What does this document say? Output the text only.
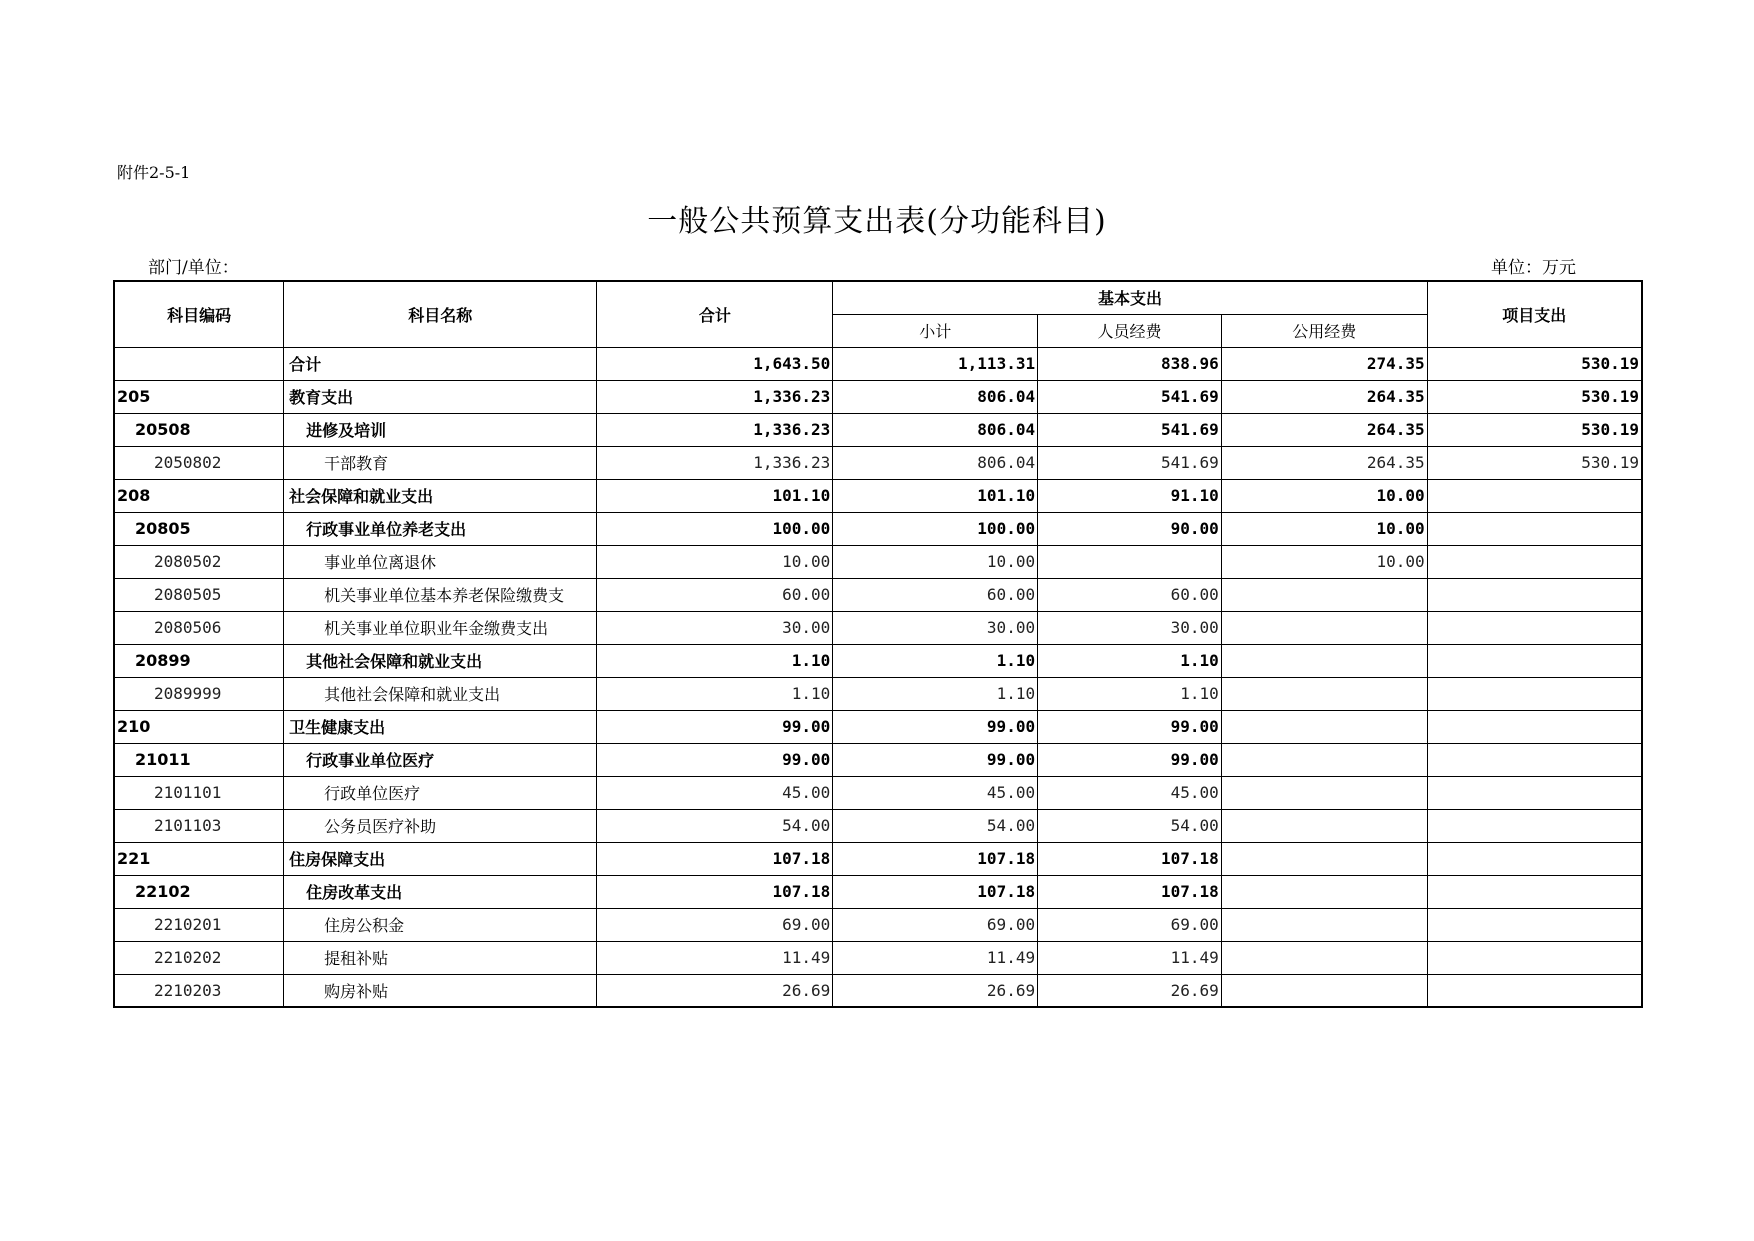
附件2-5-1
一般公共预算支出表(分功能科目)
部门/单位：	单位：万元
科目编码	科目名称	合计	基本支出			项目支出
			小计	人员经费	公用经费	
	合计	1,643.50	1,113.31	838.96	274.35	530.19
205	教育支出	1,336.23	806.04	541.69	264.35	530.19
20508	进修及培训	1,336.23	806.04	541.69	264.35	530.19
2050802	干部教育	1,336.23	806.04	541.69	264.35	530.19
208	社会保障和就业支出	101.10	101.10	91.10	10.00	
20805	行政事业单位养老支出	100.00	100.00	90.00	10.00	
2080502	事业单位离退休	10.00	10.00		10.00	
2080505	机关事业单位基本养老保险缴费支	60.00	60.00	60.00		
2080506	机关事业单位职业年金缴费支出	30.00	30.00	30.00		
20899	其他社会保障和就业支出	1.10	1.10	1.10		
2089999	其他社会保障和就业支出	1.10	1.10	1.10		
210	卫生健康支出	99.00	99.00	99.00		
21011	行政事业单位医疗	99.00	99.00	99.00		
2101101	行政单位医疗	45.00	45.00	45.00		
2101103	公务员医疗补助	54.00	54.00	54.00		
221	住房保障支出	107.18	107.18	107.18		
22102	住房改革支出	107.18	107.18	107.18		
2210201	住房公积金	69.00	69.00	69.00		
2210202	提租补贴	11.49	11.49	11.49		
2210203	购房补贴	26.69	26.69	26.69		
